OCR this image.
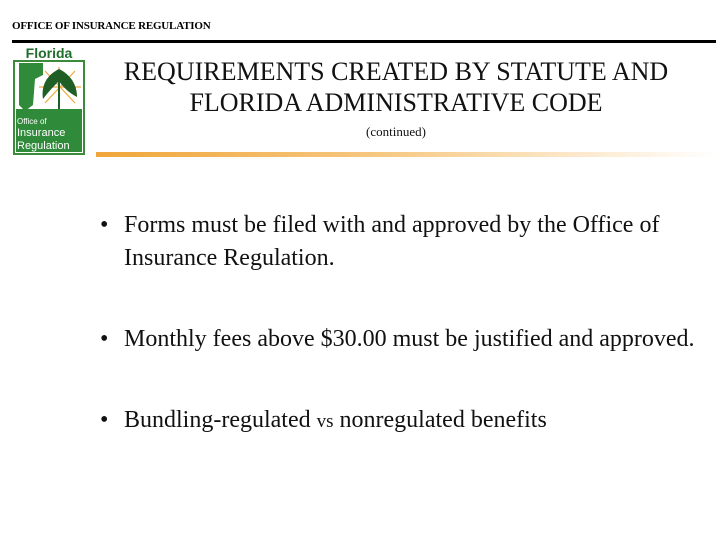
OFFICE OF INSURANCE REGULATION
Florida
Office of
Insurance
Regulation
REQUIREMENTS CREATED BY STATUTE AND
FLORIDA ADMINISTRATIVE CODE
(continued)
• Forms must be filed with and approved by the Office of Insurance Regulation.
• Monthly fees above $30.00 must be justified and approved.
• Bundling-regulated vs nonregulated benefits
